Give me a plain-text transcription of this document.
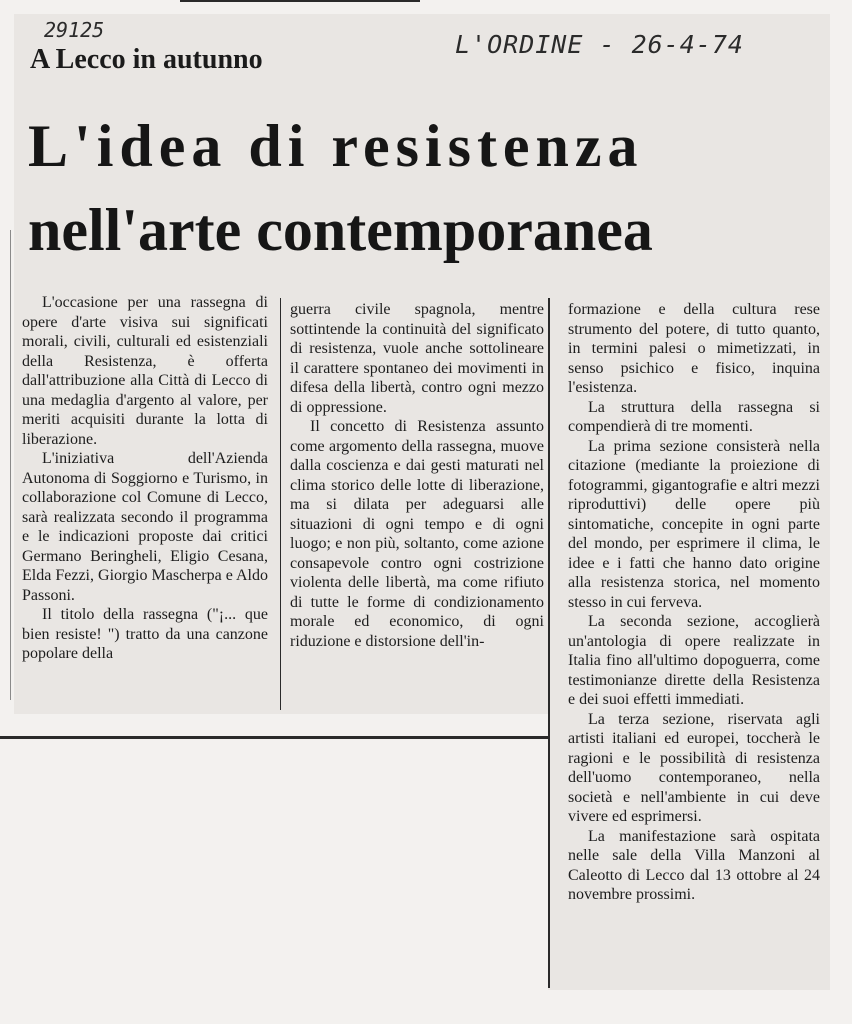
29125	L'ORDINE - 26-4-74
A Lecco in autunno
L'idea di resistenza
nell'arte contemporanea

L'occasione per una rassegna di opere d'arte visiva sui significati morali, civili, culturali ed esistenziali della Resistenza, è offerta dall'attribuzione alla Città di Lecco di una medaglia d'argento al valore, per meriti acquisiti durante la lotta di liberazione.

L'iniziativa dell'Azienda Autonoma di Soggiorno e Turismo, in collaborazione col Comune di Lecco, sarà realizzata secondo il programma e le indicazioni proposte dai critici Germano Beringheli, Eligio Cesana, Elda Fezzi, Giorgio Mascherpa e Aldo Passoni.

Il titolo della rassegna ("¡... que bien resiste! ") tratto da una canzone popolare della

guerra civile spagnola, mentre sottintende la continuità del significato di resistenza, vuole anche sottolineare il carattere spontaneo dei movimenti in difesa della libertà, contro ogni mezzo di oppressione.

Il concetto di Resistenza assunto come argomento della rassegna, muove dalla coscienza e dai gesti maturati nel clima storico delle lotte di liberazione, ma si dilata per adeguarsi alle situazioni di ogni tempo e di ogni luogo; e non più, soltanto, come azione consapevole contro ogni costrizione violenta delle libertà, ma come rifiuto di tutte le forme di condizionamento morale ed economico, di ogni riduzione e distorsione dell'in-

formazione e della cultura rese strumento del potere, di tutto quanto, in termini palesi o mimetizzati, in senso psichico e fisico, inquina l'esistenza.

La struttura della rassegna si compendierà di tre momenti.

La prima sezione consisterà nella citazione (mediante la proiezione di fotogrammi, gigantografie e altri mezzi riproduttivi) delle opere più sintomatiche, concepite in ogni parte del mondo, per esprimere il clima, le idee e i fatti che hanno dato origine alla resistenza storica, nel momento stesso in cui ferveva.

La seconda sezione, accoglierà un'antologia di opere realizzate in Italia fino all'ultimo dopoguerra, come testimonianze dirette della Resistenza e dei suoi effetti immediati.

La terza sezione, riservata agli artisti italiani ed europei, toccherà le ragioni e le possibilità di resistenza dell'uomo contemporaneo, nella società e nell'ambiente in cui deve vivere ed esprimersi.

La manifestazione sarà ospitata nelle sale della Villa Manzoni al Caleotto di Lecco dal 13 ottobre al 24 novembre prossimi.
